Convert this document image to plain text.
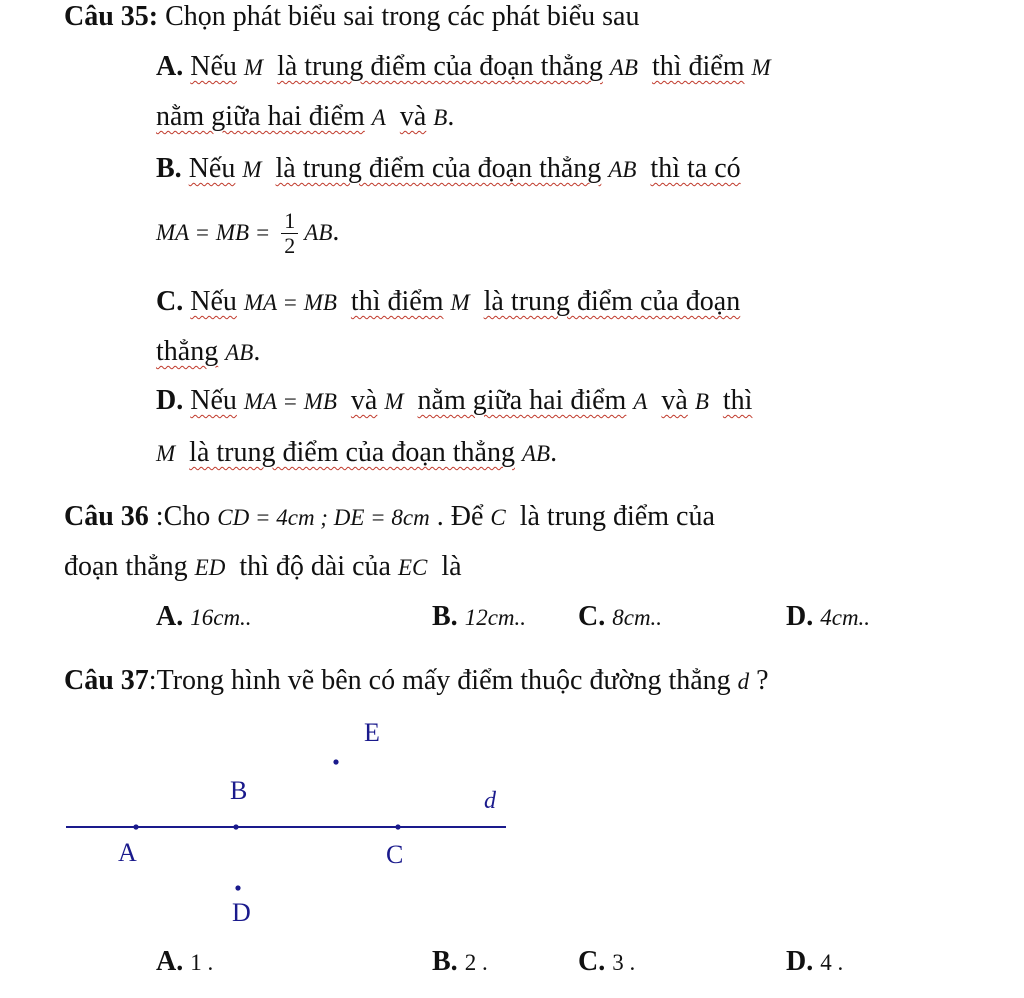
Câu 35: Chọn phát biểu sai trong các phát biểu sau
A. Nếu M là trung điểm của đoạn thẳng AB thì điểm M
nằm giữa hai điểm A và B.
B. Nếu M là trung điểm của đoạn thẳng AB thì ta có
MA = MB = $\frac{1}{2}$ AB.
C. Nếu MA = MB thì điểm M là trung điểm của đoạn
thẳng AB.
D. Nếu MA = MB và M nằm giữa hai điểm A và B thì
M là trung điểm của đoạn thẳng AB.
Câu 36 :Cho CD = 4cm ; DE = 8cm . Để C là trung điểm của
đoạn thẳng ED thì độ dài của EC là
A. 16cm..	B. 12cm.. C. 8cm..	D. 4cm..
Câu 37:Trong hình vẽ bên có mấy điểm thuộc đường thẳng d ?
E
B
A	C
D
d
A. 1 .	B. 2 .	C. 3 .	D. 4 .
